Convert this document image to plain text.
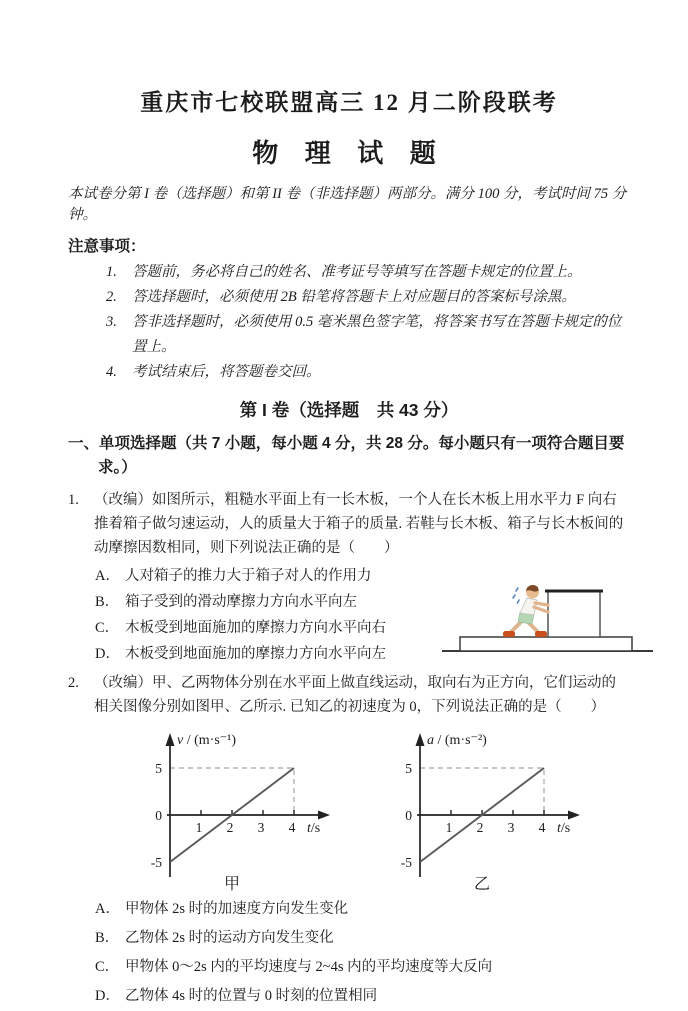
重庆市七校联盟高三 12 月二阶段联考
物 理 试 题

本试卷分第 I 卷（选择题）和第 II 卷（非选择题）两部分。满分 100 分，考试时间 75 分钟。

注意事项：
1.	答题前，务必将自己的姓名、准考证号等填写在答题卡规定的位置上。
2.	答选择题时，必须使用 2B 铅笔将答题卡上对应题目的答案标号涂黑。
3.	答非选择题时，必须使用 0.5 毫米黑色签字笔，将答案书写在答题卡规定的位置上。
4.	考试结束后，将答题卷交回。
第 I 卷（选择题　共 43 分）
一、单项选择题（共 7 小题，每小题 4 分，共 28 分。每小题只有一项符合题目要求。）
1.	（改编）如图所示，粗糙水平面上有一长木板，一个人在长木板上用水平力 F 向右推着箱子做匀速运动，人的质量大于箱子的质量. 若鞋与长木板、箱子与长木板间的动摩擦因数相同，则下列说法正确的是（　　）
A． 人对箱子的推力大于箱子对人的作用力
B． 箱子受到的滑动摩擦力方向水平向左
C． 木板受到地面施加的摩擦力方向水平向右
D． 木板受到地面施加的摩擦力方向水平向左
2.	（改编）甲、乙两物体分别在水平面上做直线运动，取向右为正方向，它们运动的相关图像分别如图甲、乙所示. 已知乙的初速度为 0，下列说法正确的是（　　）
1 2 3 4
5
0
-5
v / (m·s⁻¹)
t/s
甲
1 2 3 4
5
0
-5
a / (m·s⁻²)
t/s
乙
A． 甲物体 2s 时的加速度方向发生变化
B． 乙物体 2s 时的运动方向发生变化
C． 甲物体 0～2s 内的平均速度与 2~4s 内的平均速度等大反向
D． 乙物体 4s 时的位置与 0 时刻的位置相同
